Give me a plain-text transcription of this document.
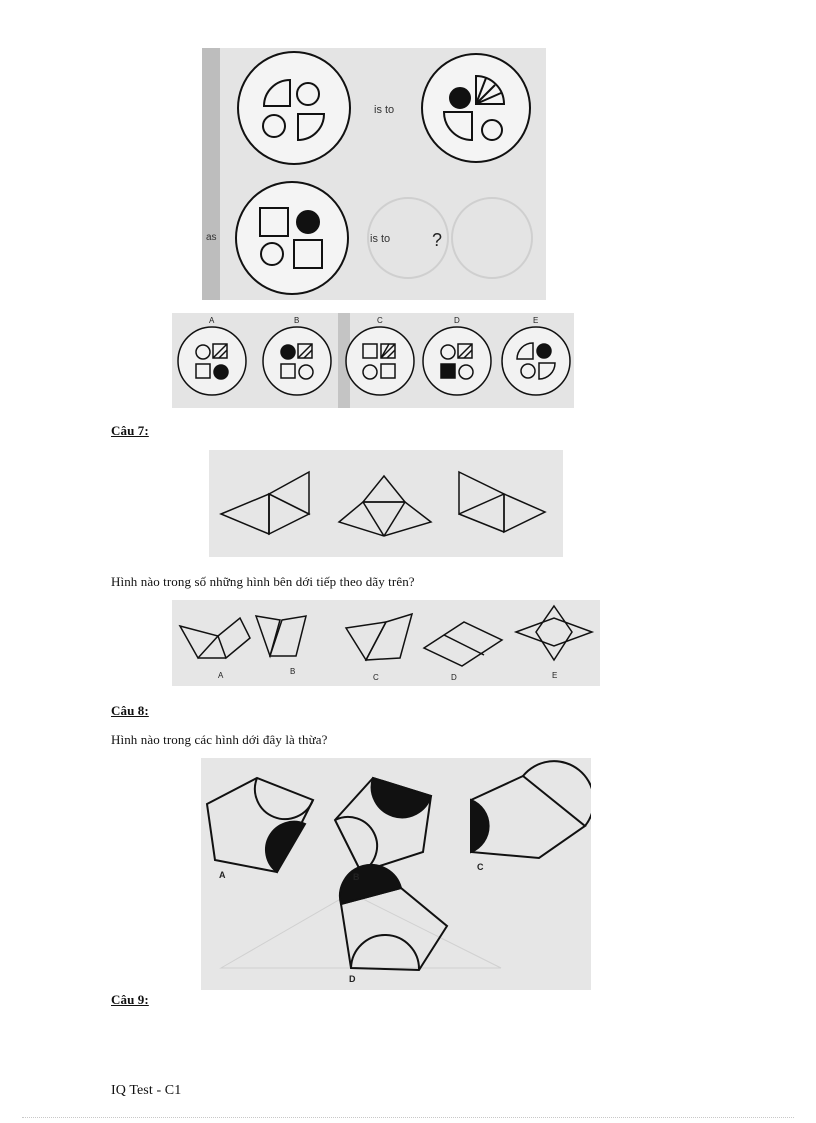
is to
as	is to ?
A	B	C	D	E
Câu 7:
Hình nào trong số những hình bên dới tiếp theo dãy trên?
A	B
C	D	E
Câu 8:
Hình nào trong các hình dới đây là thừa?
A	B
C
D
Câu 9:
IQ Test - C1
